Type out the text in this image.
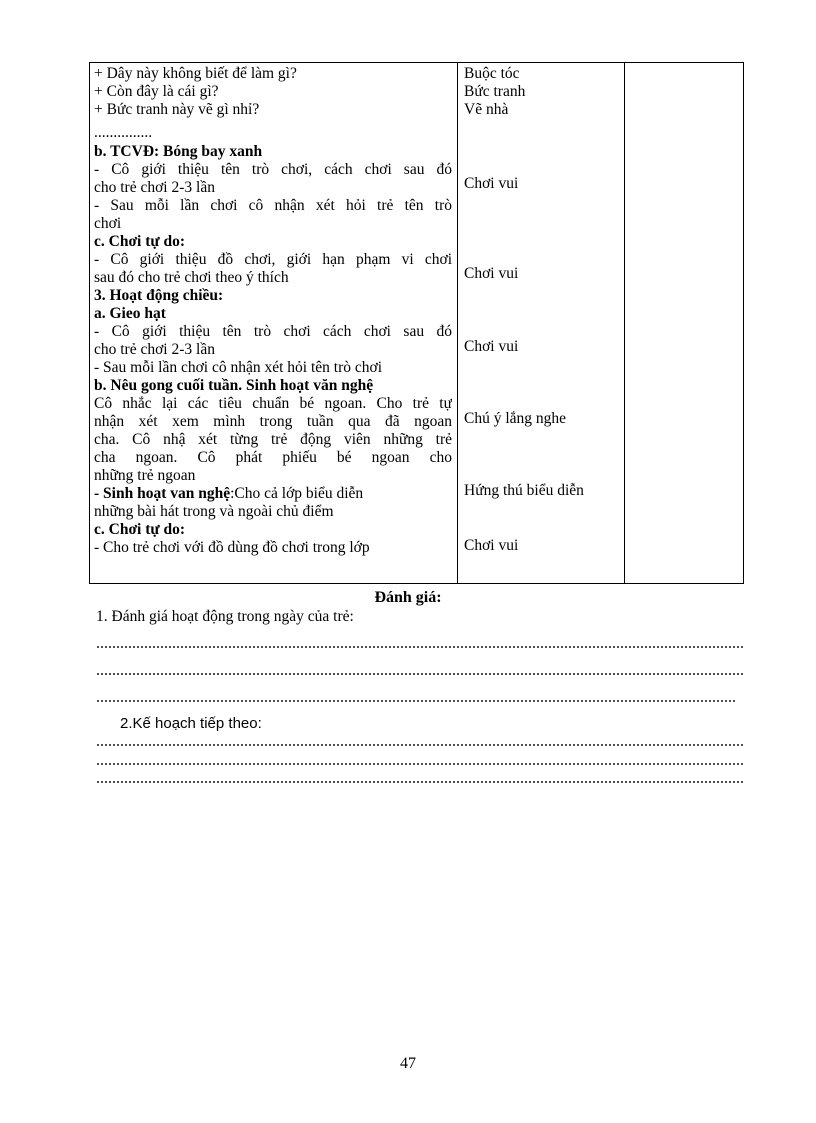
+ Dây này không biết để làm gì?
+ Còn đây là cái gì?
+ Bức tranh này vẽ gì nhỉ?
...............
b. TCVĐ: Bóng bay xanh
- Cô giới thiệu tên trò chơi, cách chơi sau đó
cho trẻ chơi 2-3 lần
- Sau mỗi lần chơi cô nhận xét hỏi trẻ tên trò
chơi
c. Chơi tự do:
- Cô giới thiệu đồ chơi, giới hạn phạm vi chơi
sau đó cho trẻ chơi theo ý thích
3. Hoạt động chiều:
a. Gieo hạt
- Cô giới thiệu tên trò chơi cách chơi sau đó
cho trẻ chơi 2-3 lần
- Sau mỗi lần chơi cô nhận xét hỏi tên trò chơi
b. Nêu gong cuối tuần. Sinh hoạt văn nghệ
Cô nhắc lại các tiêu chuẩn bé ngoan. Cho trẻ tự
nhận xét xem mình trong tuần qua đã ngoan
cha. Cô nhậ xét từng trẻ động viên những trẻ
cha ngoan. Cô phát phiếu bé ngoan cho
những trẻ ngoan
- Sinh hoạt van nghệ:Cho cả lớp biểu diễn
những bài hát trong và ngoài chủ điểm
c. Chơi tự do:
- Cho trẻ chơi với đồ dùng đồ chơi trong lớp
Buộc tóc
Bức tranh
Vẽ nhà
Chơi vui
Chơi vui
Chơi vui
Chú ý lắng nghe
Hứng thú biểu diễn
Chơi vui
Đánh giá:
1. Đánh giá hoạt động trong ngày của trẻ:
2.Kế hoạch tiếp theo:
47
